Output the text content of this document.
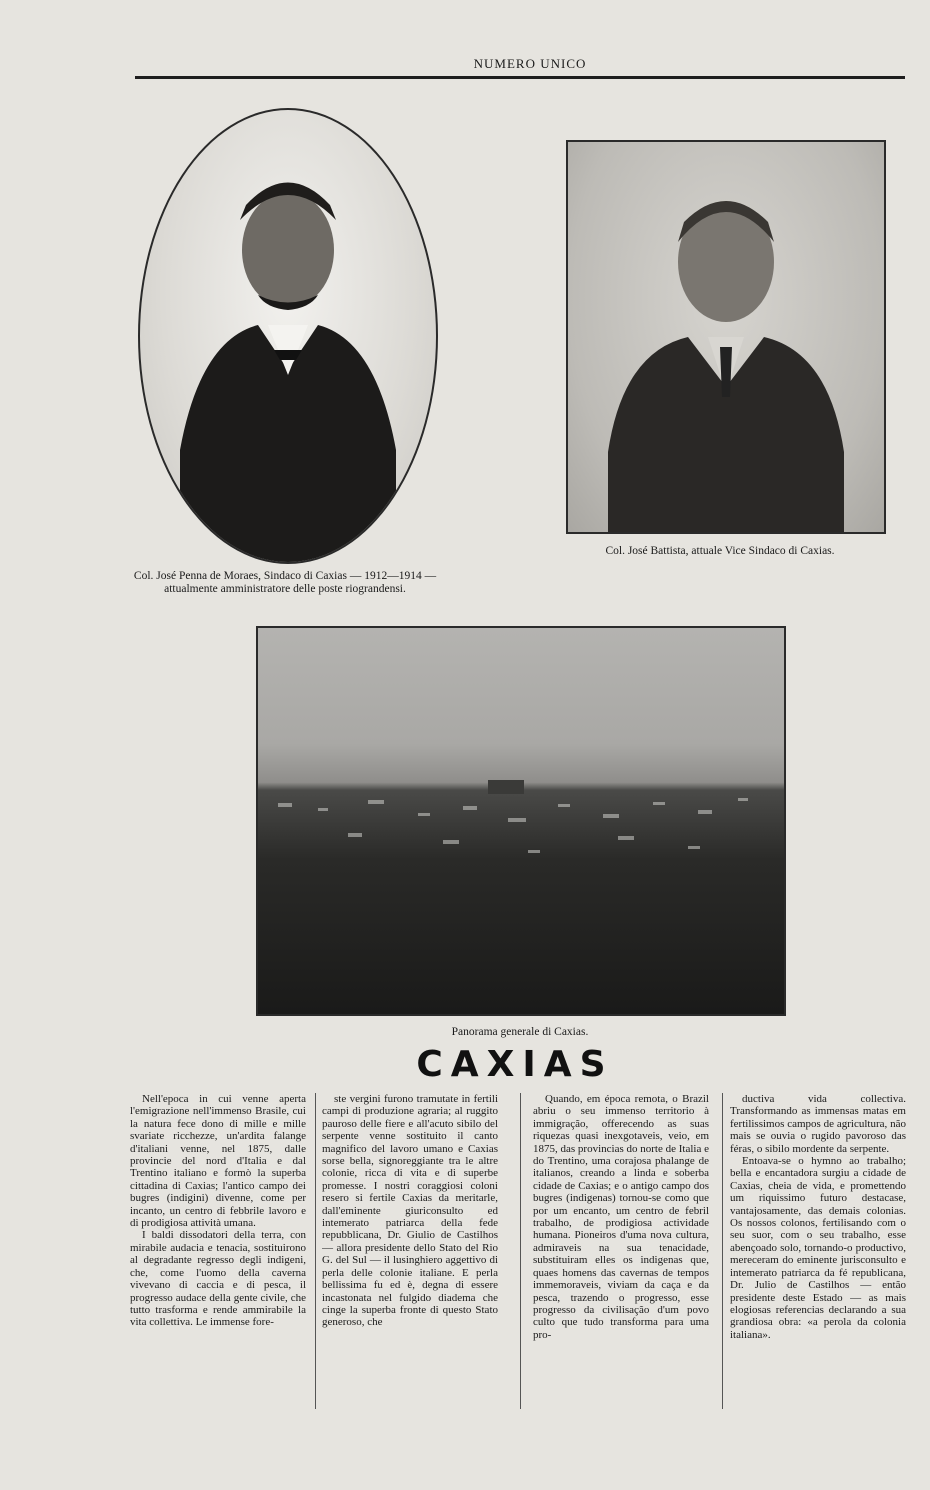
NUMERO UNICO
Col. José Penna de Moraes, Sindaco di Caxias — 1912—1914 — attualmente amministratore delle poste riograndensi.
Col. José Battista, attuale Vice Sindaco di Caxias.
Panorama generale di Caxias.
CAXIAS

Nell'epoca in cui venne aperta l'emigrazione nell'immenso Brasile, cui la natura fece dono di mille e mille svariate ricchezze, un'ardita falange d'italiani venne, nel 1875, dalle provincie del nord d'Italia e dal Trentino italiano e formò la superba cittadina di Caxias; l'antico campo dei bugres (indigini) divenne, come per incanto, un centro di febbrile lavoro e di prodigiosa attività umana.

I baldi dissodatori della terra, con mirabile audacia e tenacia, sostituirono al degradante regresso degli indigeni, che, come l'uomo della caverna vivevano di caccia e di pesca, il progresso audace della gente civile, che tutto trasforma e rende ammirabile la vita collettiva. Le immense fore-

ste vergini furono tramutate in fertili campi di produzione agraria; al ruggito pauroso delle fiere e all'acuto sibilo del serpente venne sostituito il canto magnifico del lavoro umano e Caxias sorse bella, signoreggiante tra le altre colonie, ricca di vita e di superbe promesse. I nostri coraggiosi coloni resero si fertile Caxias da meritarle, dall'eminente giuriconsulto ed intemerato patriarca della fede repubblicana, Dr. Giulio de Castilhos — allora presidente dello Stato del Rio G. del Sul — il lusinghiero aggettivo di perla delle colonie italiane. E perla bellissima fu ed è, degna di essere incastonata nel fulgido diadema che cinge la superba fronte di questo Stato generoso, che

Quando, em época remota, o Brazil abriu o seu immenso territorio à immigração, offerecendo as suas riquezas quasi inexgotaveis, veio, em 1875, das provincias do norte de Italia e do Trentino, uma corajosa phalange de italianos, creando a linda e soberba cidade de Caxias; e o antigo campo dos bugres (indigenas) tornou-se como que por um encanto, um centro de febril trabalho, de prodigiosa actividade humana. Pioneiros d'uma nova cultura, admiraveis na sua tenacidade, substituiram elles os indigenas que, quaes homens das cavernas de tempos immemoraveis, viviam da caça e da pesca, trazendo o progresso, esse progresso da civilisação d'um povo culto que tudo transforma para uma pro-

ductiva vida collectiva. Transformando as immensas matas em fertilissimos campos de agricultura, não mais se ouvia o rugido pavoroso das féras, o sibilo mordente da serpente.

Entoava-se o hymno ao trabalho; bella e encantadora surgiu a cidade de Caxias, cheia de vida, e promettendo um riquissimo futuro destacase, vantajosamente, das demais colonias. Os nossos colonos, fertilisando com o seu suor, com o seu trabalho, esse abençoado solo, tornando-o productivo, mereceram do eminente jurisconsulto e intemerato patriarca da fé republicana, Dr. Julio de Castilhos — então presidente deste Estado — as mais elogiosas referencias declarando a sua grandiosa obra: «a perola da colonia italiana».
